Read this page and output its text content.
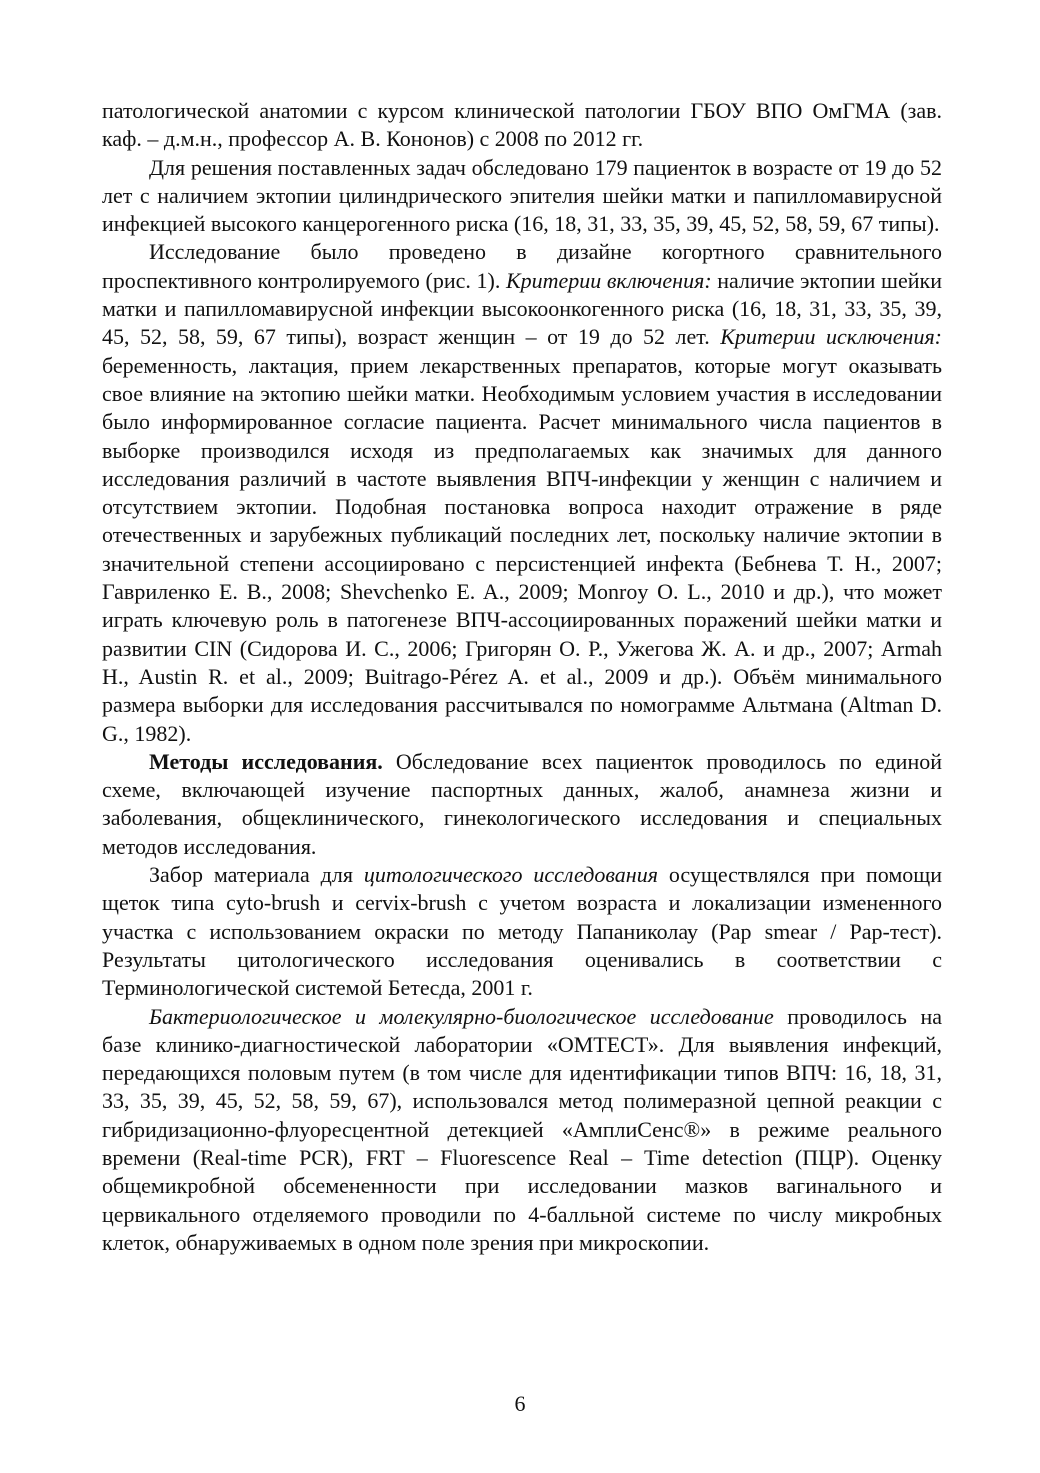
патологической анатомии с курсом клинической патологии ГБОУ ВПО ОмГМА (зав. каф. – д.м.н., профессор А. В. Кононов) с 2008 по 2012 гг.

Для решения поставленных задач обследовано 179 пациенток в возрасте от 19 до 52 лет с наличием эктопии цилиндрического эпителия шейки матки и папилломавирусной инфекцией высокого канцерогенного риска (16, 18, 31, 33, 35, 39, 45, 52, 58, 59, 67 типы).

Исследование было проведено в дизайне когортного сравнительного проспективного контролируемого (рис. 1). Критерии включения: наличие эктопии шейки матки и папилломавирусной инфекции высокоонкогенного риска (16, 18, 31, 33, 35, 39, 45, 52, 58, 59, 67 типы), возраст женщин – от 19 до 52 лет. Критерии исключения: беременность, лактация, прием лекарственных препаратов, которые могут оказывать свое влияние на эктопию шейки матки. Необходимым условием участия в исследовании было информированное согласие пациента. Расчет минимального числа пациентов в выборке производился исходя из предполагаемых как значимых для данного исследования различий в частоте выявления ВПЧ-инфекции у женщин с наличием и отсутствием эктопии. Подобная постановка вопроса находит отражение в ряде отечественных и зарубежных публикаций последних лет, поскольку наличие эктопии в значительной степени ассоциировано с персистенцией инфекта (Бебнева Т. Н., 2007; Гавриленко Е. В., 2008; Shevchenko E. A., 2009; Monroy O. L., 2010 и др.), что может играть ключевую роль в патогенезе ВПЧ-ассоциированных поражений шейки матки и развитии CIN (Сидорова И. С., 2006; Григорян О. Р., Ужегова Ж. А. и др., 2007; Armah H., Austin R. et al., 2009; Buitrago-Pérez A. et al., 2009 и др.). Объём минимального размера выборки для исследования рассчитывался по номограмме Альтмана (Altman D. G., 1982).

Методы исследования. Обследование всех пациенток проводилось по единой схеме, включающей изучение паспортных данных, жалоб, анамнеза жизни и заболевания, общеклинического, гинекологического исследования и специальных методов исследования.

Забор материала для цитологического исследования осуществлялся при помощи щеток типа cyto-brush и cervix-brush с учетом возраста и локализации измененного участка с использованием окраски по методу Папаниколау (Pap smear / Pap-тест). Результаты цитологического исследования оценивались в соответствии с Терминологической системой Бетеcда, 2001 г.

Бактериологическое и молекулярно-биологическое исследование проводилось на базе клинико-диагностической лаборатории «ОМТЕСТ». Для выявления инфекций, передающихся половым путем (в том числе для идентификации типов ВПЧ: 16, 18, 31, 33, 35, 39, 45, 52, 58, 59, 67), использовался метод полимеразной цепной реакции с гибридизационно-флуоресцентной детекцией «АмплиСенс®» в режиме реального времени (Real-time PCR), FRT – Fluorescence Real – Time detection (ПЦР). Оценку общемикробной обсемененности при исследовании мазков вагинального и цервикального отделяемого проводили по 4-балльной системе по числу микробных клеток, обнаруживаемых в одном поле зрения при микроскопии.

6
